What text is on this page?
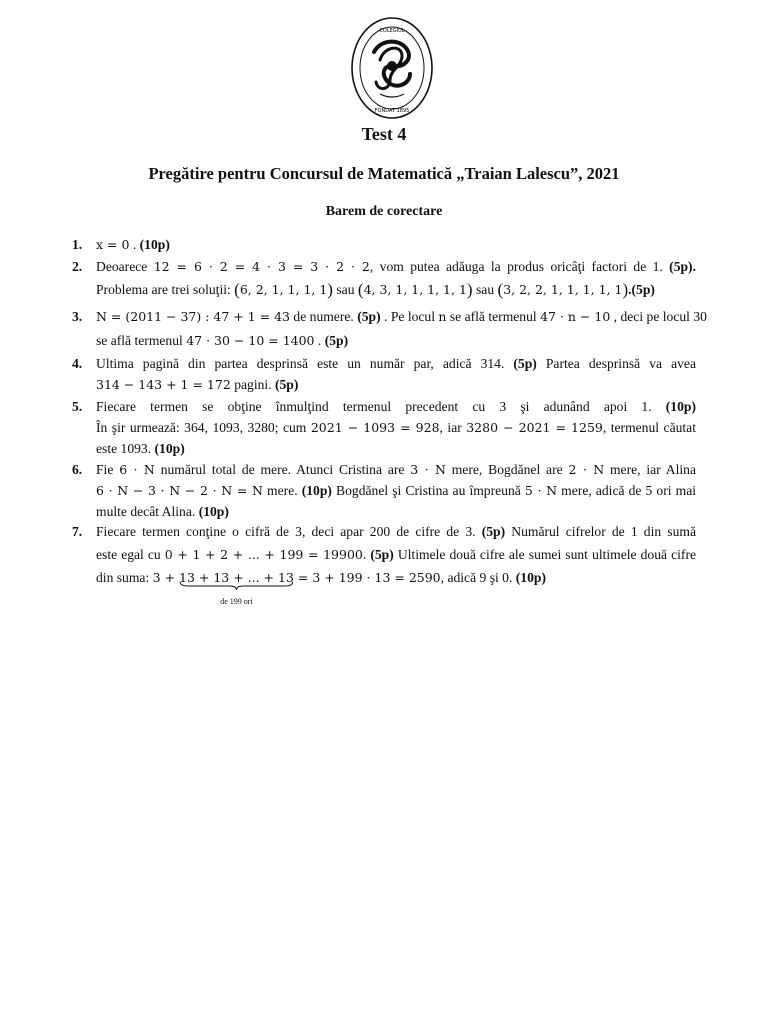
COLEGIUL
FONDAT 1895
Test 4
Pregătire pentru Concursul de Matematică „Traian Lalescu”, 2021
Barem de corectare
1. x = 0 . (10p)
2. Deoarece 12 = 6 · 2 = 4 · 3 = 3 · 2 · 2, vom putea adăuga la produs oricâţi factori de 1. (5p).
Problema are trei soluţii: (6, 2, 1, 1, 1, 1) sau (4, 3, 1, 1, 1, 1, 1) sau (3, 2, 2, 1, 1, 1, 1, 1).(5p)
3. N = (2011 − 37) : 47 + 1 = 43 de numere. (5p) . Pe locul n se află termenul 47 · n − 10 , deci pe locul 30
se află termenul 47 · 30 − 10 = 1400 . (5p)
4. Ultima pagină din partea desprinsă este un număr par, adică 314. (5p) Partea desprinsă va avea
314 − 143 + 1 = 172 pagini. (5p)
5. Fiecare termen se obţine înmulţind termenul precedent cu 3 şi adunând apoi 1. (10p)
În şir urmează: 364, 1093, 3280; cum 2021 − 1093 = 928, iar 3280 − 2021 = 1259, termenul căutat
este 1093. (10p)
6. Fie 6 · N numărul total de mere. Atunci Cristina are 3 · N mere, Bogdănel are 2 · N mere, iar Alina
6 · N − 3 · N − 2 · N = N mere. (10p) Bogdănel şi Cristina au împreună 5 · N mere, adică de 5 ori mai
multe decât Alina. (10p)
7. Fiecare termen conţine o cifră de 3, deci apar 200 de cifre de 3. (5p) Numărul cifrelor de 1 din sumă
este egal cu 0 + 1 + 2 + ... + 199 = 19900. (5p) Ultimele două cifre ale sumei sunt ultimele două cifre
din suma: 3 + 13 + 13 + ... + 13
de 199 ori
= 3 + 199 · 13 = 2590, adică 9 şi 0. (10p)
